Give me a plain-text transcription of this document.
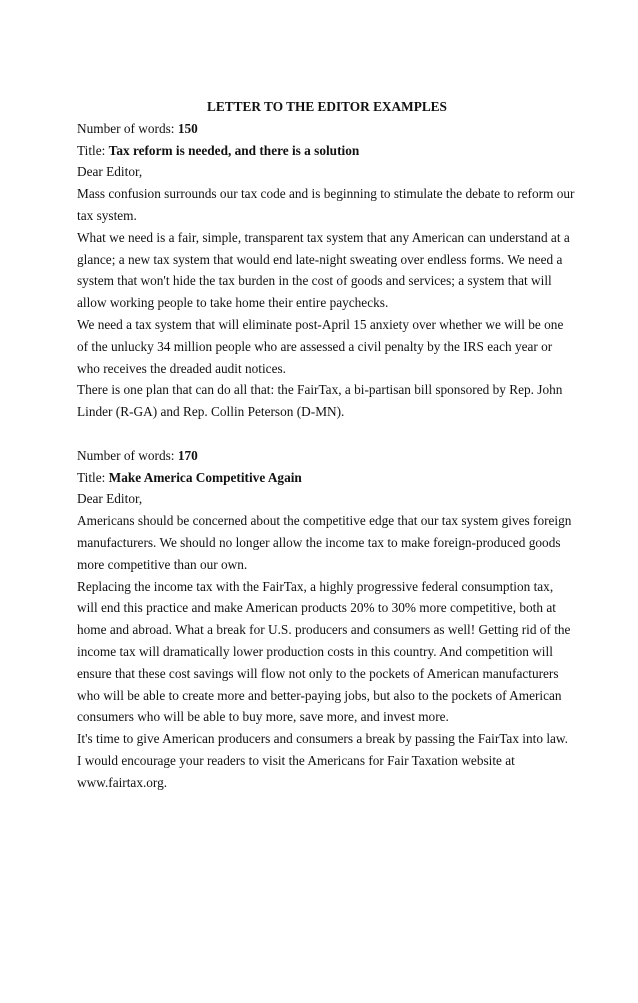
LETTER TO THE EDITOR EXAMPLES

Number of words: 150

Title: Tax reform is needed, and there is a solution

Dear Editor,

Mass confusion surrounds our tax code and is beginning to stimulate the debate to reform our

tax system.

What we need is a fair, simple, transparent tax system that any American can understand at a

glance; a new tax system that would end late-night sweating over endless forms. We need a

system that won't hide the tax burden in the cost of goods and services; a system that will

allow working people to take home their entire paychecks.

We need a tax system that will eliminate post-April 15 anxiety over whether we will be one

of the unlucky 34 million people who are assessed a civil penalty by the IRS each year or

who receives the dreaded audit notices.

There is one plan that can do all that: the FairTax, a bi-partisan bill sponsored by Rep. John

Linder (R-GA) and Rep. Collin Peterson (D-MN).

Number of words: 170

Title: Make America Competitive Again

Dear Editor,

Americans should be concerned about the competitive edge that our tax system gives foreign

manufacturers. We should no longer allow the income tax to make foreign-produced goods

more competitive than our own.

Replacing the income tax with the FairTax, a highly progressive federal consumption tax,

will end this practice and make American products 20% to 30% more competitive, both at

home and abroad. What a break for U.S. producers and consumers as well! Getting rid of the

income tax will dramatically lower production costs in this country. And competition will

ensure that these cost savings will flow not only to the pockets of American manufacturers

who will be able to create more and better-paying jobs, but also to the pockets of American

consumers who will be able to buy more, save more, and invest more.

It's time to give American producers and consumers a break by passing the FairTax into law.

I would encourage your readers to visit the Americans for Fair Taxation website at

www.fairtax.org.
